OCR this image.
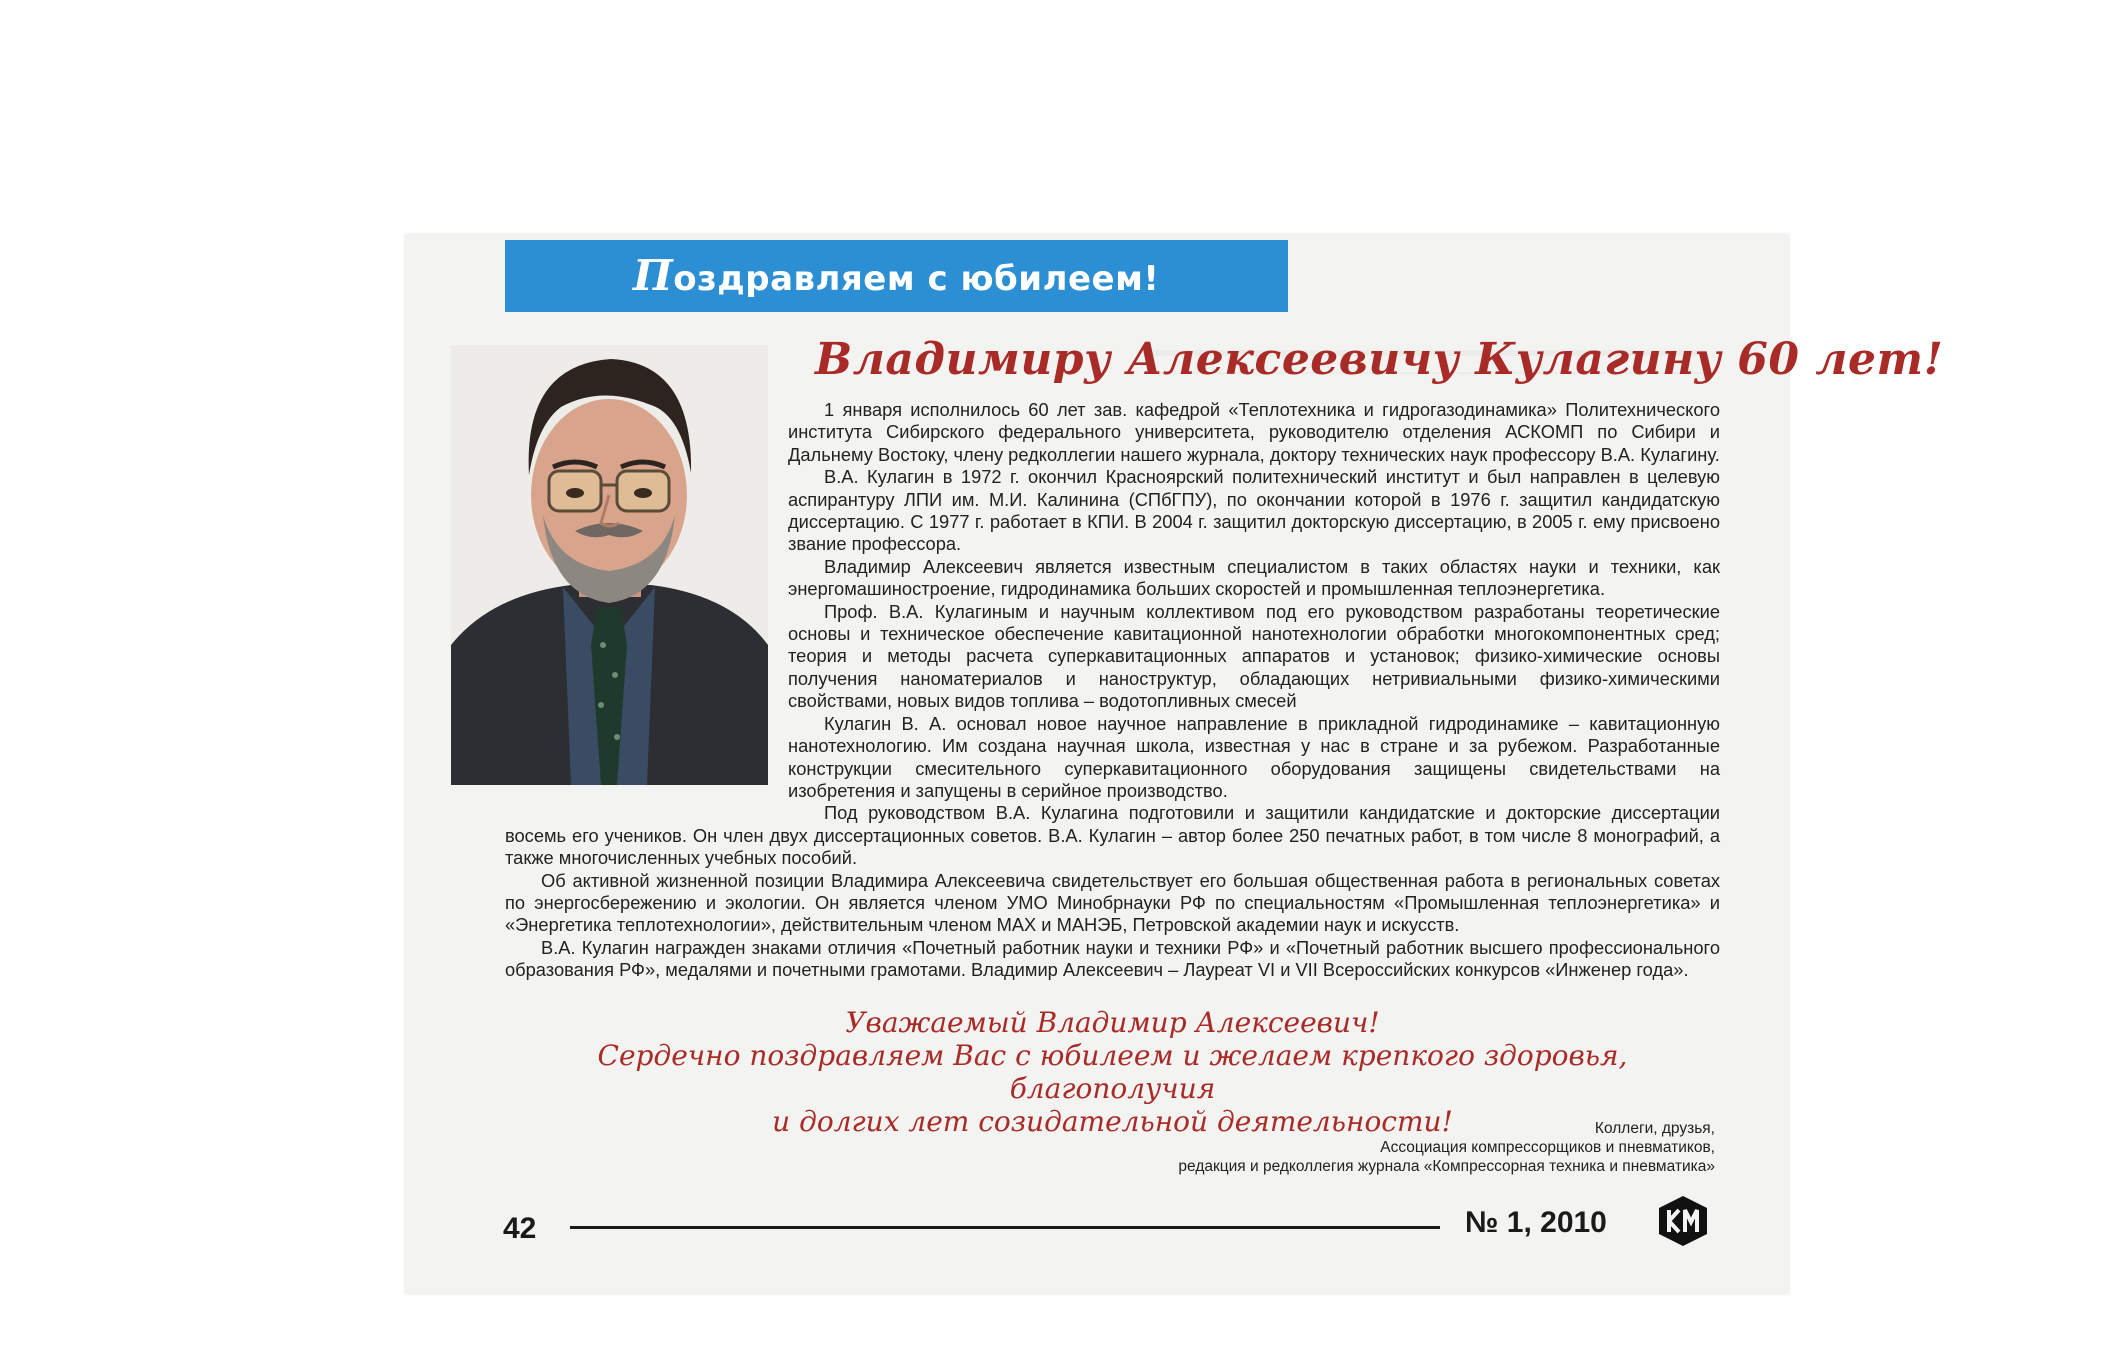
Поздравляем с юбилеем!
Владимиру Алексеевичу Кулагину 60 лет!

1 января исполнилось 60 лет зав. кафедрой «Теплотехника и гидрогазодинамика» Политехнического института Сибирского федерального университета, руководителю отделения АСКОМП по Сибири и Дальнему Востоку, члену редколлегии нашего журнала, доктору технических наук профессору В.А. Кулагину.

В.А. Кулагин в 1972 г. окончил Красноярский политехнический институт и был направлен в целевую аспирантуру ЛПИ им. М.И. Калинина (СПбГПУ), по окончании которой в 1976 г. защитил кандидатскую диссертацию. С 1977 г. работает в КПИ. В 2004 г. защитил докторскую диссертацию, в 2005 г. ему присвоено звание профессора.

Владимир Алексеевич является известным специалистом в таких областях науки и техники, как энергомашиностроение, гидродинамика больших скоростей и промышленная теплоэнергетика.

Проф. В.А. Кулагиным и научным коллективом под его руководством разработаны теоретические основы и техническое обеспечение кавитационной нанотехнологии обработки многокомпонентных сред; теория и методы расчета суперкавитационных аппаратов и установок; физико-химические основы получения наноматериалов и наноструктур, обладающих нетривиальными физико-химическими свойствами, новых видов топлива – водотопливных смесей

Кулагин В. А. основал новое научное направление в прикладной гидродинамике – кавитационную нанотехнологию. Им создана научная школа, известная у нас в стране и за рубежом. Разработанные конструкции смесительного суперкавитационного оборудования защищены свидетельствами на изобретения и запущены в серийное производство.

Под руководством В.А. Кулагина подготовили и защитили кандидатские и докторские диссертации восемь его учеников. Он член двух диссертационных советов. В.А. Кулагин – автор более 250 печатных работ, в том числе 8 монографий, а также многочисленных учебных пособий.

Об активной жизненной позиции Владимира Алексеевича свидетельствует его большая общественная работа в региональных советах по энергосбережению и экологии. Он является членом УМО Минобрнауки РФ по специальностям «Промышленная теплоэнергетика» и «Энергетика теплотехнологии», действительным членом МАХ и МАНЭБ, Петровской академии наук и искусств.

В.А. Кулагин награжден знаками отличия «Почетный работник науки и техники РФ» и «Почетный работник высшего профессионального образования РФ», медалями и почетными грамотами. Владимир Алексеевич – Лауреат VI и VII Всероссийских конкурсов «Инженер года».

Уважаемый Владимир Алексеевич!
Сердечно поздравляем Вас с юбилеем и желаем крепкого здоровья, благополучия
и долгих лет созидательной деятельности!	Коллеги, друзья,
Ассоциация компрессорщиков и пневматиков,
редакция и редколлегия журнала «Компрессорная техника и пневматика»
42	№ 1, 2010
